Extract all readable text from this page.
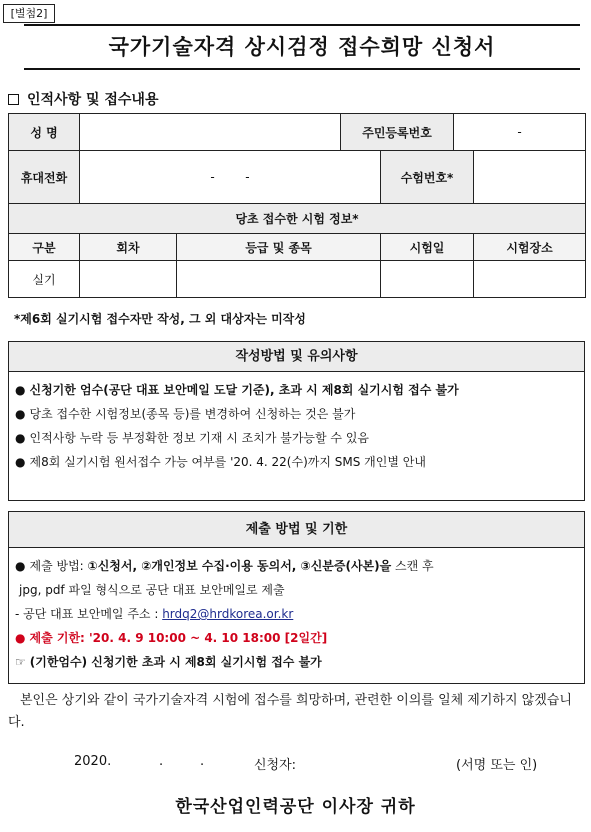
[별첨2]
국가기술자격 상시검정 접수희망 신청서
인적사항 및 접수내용
성 명			주민등록번호		-	
휴대전화	-        -			수험번호*		
당초 접수한 시험 정보*						
구분	회차	등급 및 종목		시험일		시험장소
실기						
*제6회 실기시험 접수자만 작성, 그 외 대상자는 미작성
작성방법 및 유의사항
● 신청기한 엄수(공단 대표 보안메일 도달 기준), 초과 시 제8회 실기시험 접수 불가
● 당초 접수한 시험정보(종목 등)를 변경하여 신청하는 것은 불가
● 인적사항 누락 등 부정확한 정보 기재 시 조치가 불가능할 수 있음
● 제8회 실기시험 원서접수 가능 여부를 '20. 4. 22(수)까지 SMS 개인별 안내
제출 방법 및 기한
● 제출 방법: ①신청서, ②개인정보 수집·이용 동의서, ③신분증(사본)을 스캔 후
jpg, pdf 파일 형식으로 공단 대표 보안메일로 제출
- 공단 대표 보안메일 주소 : hrdq2@hrdkorea.or.kr
● 제출 기한: '20. 4. 9 10:00 ~ 4. 10 18:00 [2일간]
☞ (기한엄수) 신청기한 초과 시 제8회 실기시험 접수 불가
본인은 상기와 같이 국가기술자격 시험에 접수를 희망하며, 관련한 이의를 일체 제기하지 않겠습니다.
2020.	.	.	신청자:	(서명 또는 인)
한국산업인력공단 이사장 귀하
